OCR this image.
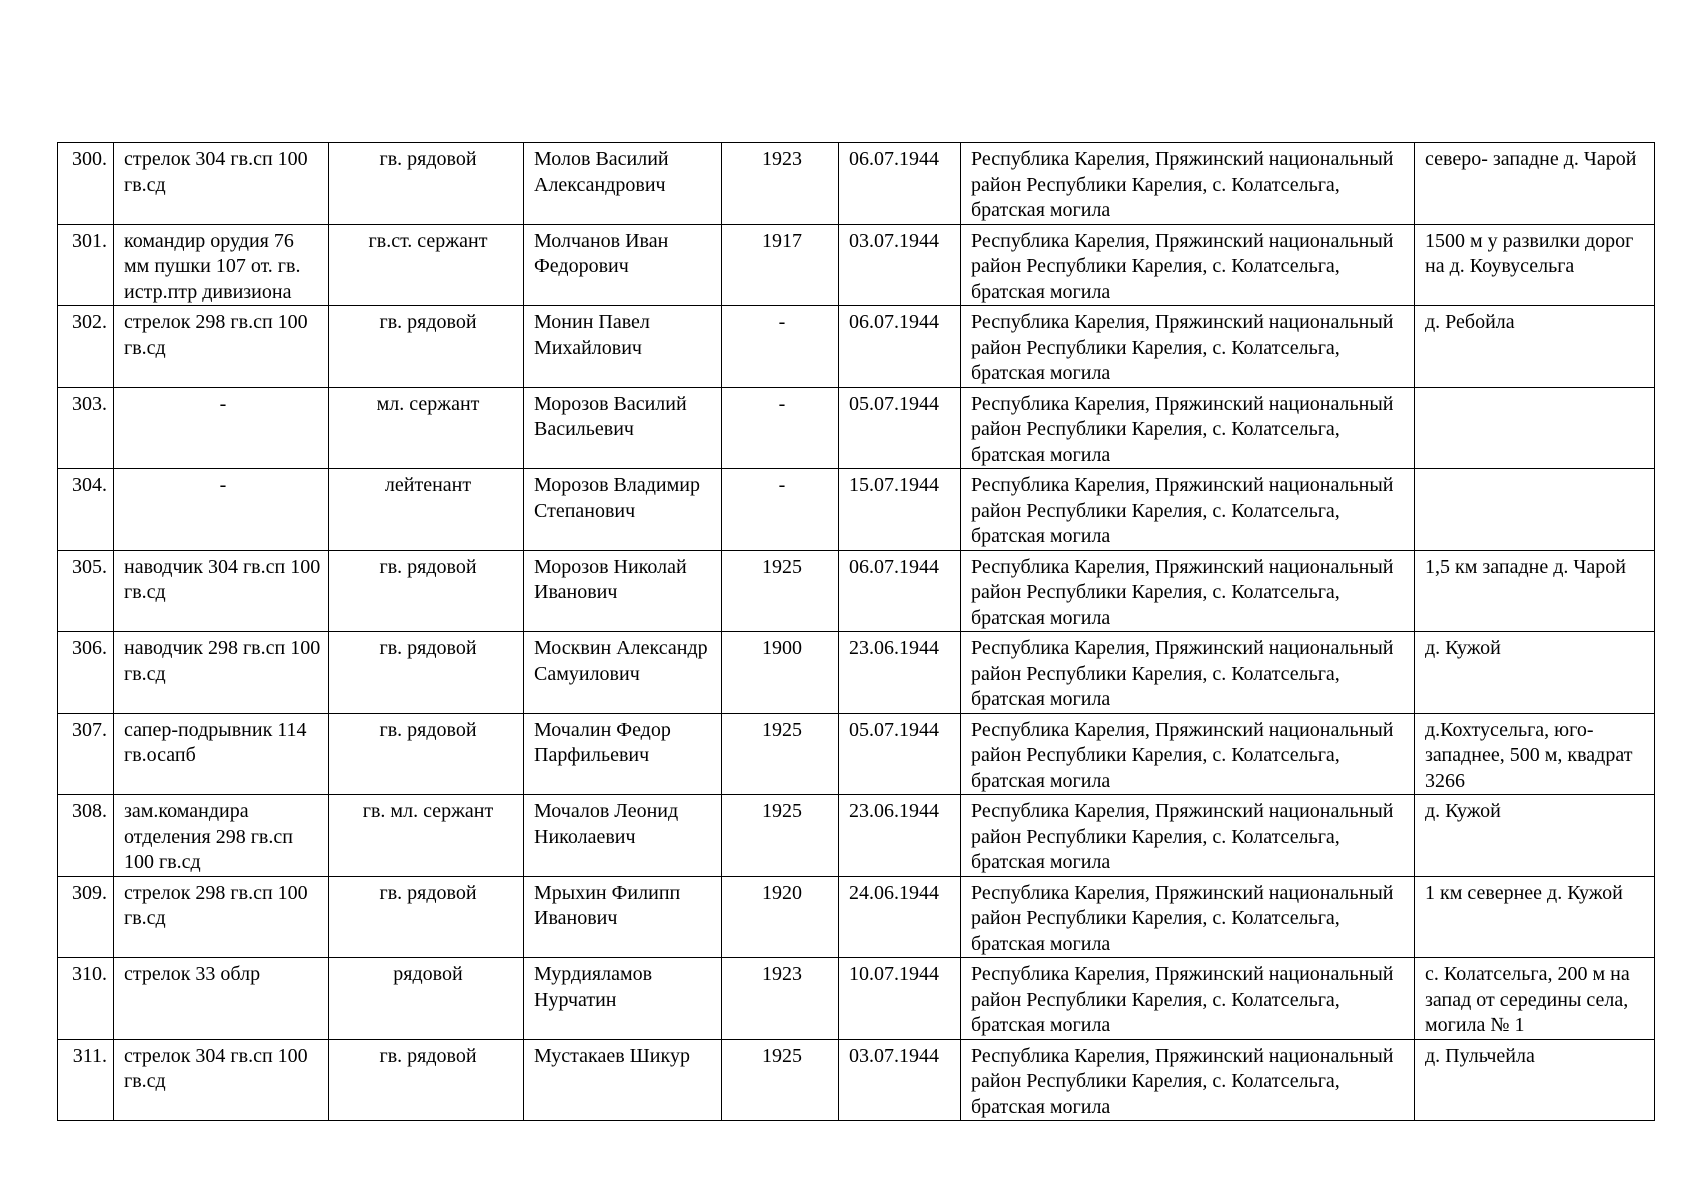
300.	стрелок 304 гв.сп 100 гв.сд	гв. рядовой	Молов Василий Александрович	1923	06.07.1944	Республика Карелия, Пряжинский национальный район Республики Карелия, с. Колатсельга, братская могила	северо- западне д. Чарой
301.	командир орудия 76 мм пушки 107 от. гв. истр.птр дивизиона	гв.ст. сержант	Молчанов Иван Федорович	1917	03.07.1944	Республика Карелия, Пряжинский национальный район Республики Карелия, с. Колатсельга, братская могила	1500 м у развилки дорог на д. Коувусельга
302.	стрелок 298 гв.сп 100 гв.сд	гв. рядовой	Монин Павел Михайлович	-	06.07.1944	Республика Карелия, Пряжинский национальный район Республики Карелия, с. Колатсельга, братская могила	д. Ребойла
303.	-	мл. сержант	Морозов Василий Васильевич	-	05.07.1944	Республика Карелия, Пряжинский национальный район Республики Карелия, с. Колатсельга, братская могила	
304.	-	лейтенант	Морозов Владимир Степанович	-	15.07.1944	Республика Карелия, Пряжинский национальный район Республики Карелия, с. Колатсельга, братская могила	
305.	наводчик 304 гв.сп 100 гв.сд	гв. рядовой	Морозов Николай Иванович	1925	06.07.1944	Республика Карелия, Пряжинский национальный район Республики Карелия, с. Колатсельга, братская могила	1,5 км западне д. Чарой
306.	наводчик 298 гв.сп 100 гв.сд	гв. рядовой	Москвин Александр Самуилович	1900	23.06.1944	Республика Карелия, Пряжинский национальный район Республики Карелия, с. Колатсельга, братская могила	д. Кужой
307.	сапер-подрывник 114 гв.осапб	гв. рядовой	Мочалин Федор Парфильевич	1925	05.07.1944	Республика Карелия, Пряжинский национальный район Республики Карелия, с. Колатсельга, братская могила	д.Кохтусельга, юго-западнее, 500 м, квадрат 3266
308.	зам.командира отделения 298 гв.сп 100 гв.сд	гв. мл. сержант	Мочалов Леонид Николаевич	1925	23.06.1944	Республика Карелия, Пряжинский национальный район Республики Карелия, с. Колатсельга, братская могила	д. Кужой
309.	стрелок 298 гв.сп 100 гв.сд	гв. рядовой	Мрыхин Филипп Иванович	1920	24.06.1944	Республика Карелия, Пряжинский национальный район Республики Карелия, с. Колатсельга, братская могила	1 км севернее д. Кужой
310.	стрелок 33 облр	рядовой	Мурдияламов Нурчатин	1923	10.07.1944	Республика Карелия, Пряжинский национальный район Республики Карелия, с. Колатсельга, братская могила	с. Колатсельга, 200 м на запад от середины села, могила № 1
311.	стрелок 304 гв.сп 100 гв.сд	гв. рядовой	Мустакаев Шикур	1925	03.07.1944	Республика Карелия, Пряжинский национальный район Республики Карелия, с. Колатсельга, братская могила	д. Пульчейла
